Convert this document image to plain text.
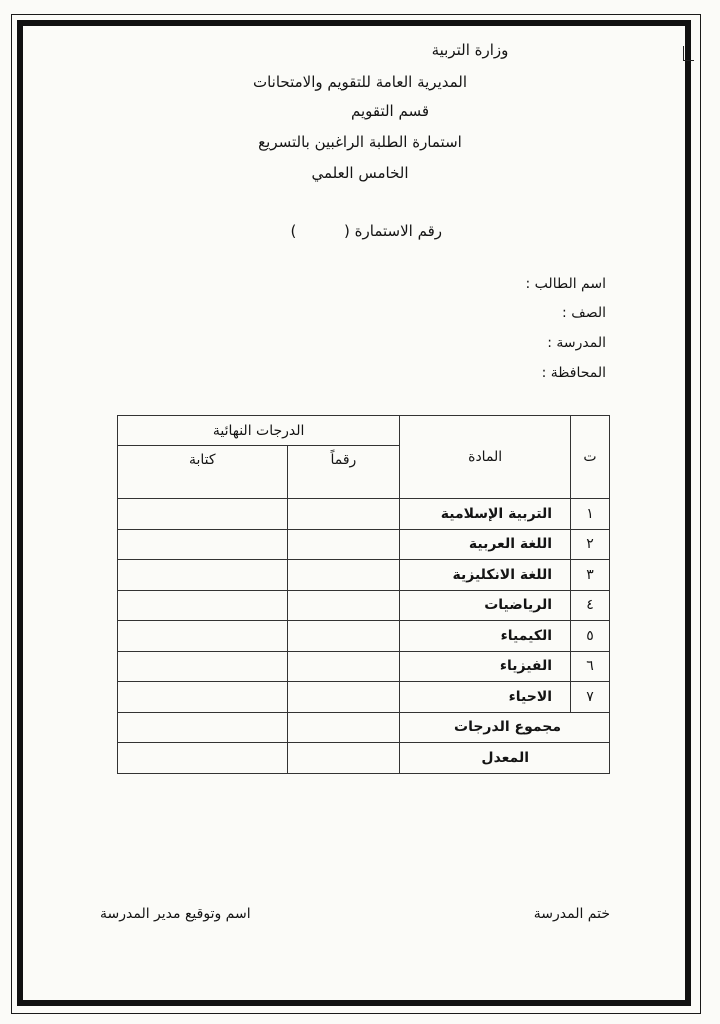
وزارة التربية
المديرية العامة للتقويم والامتحانات
قسم التقويم
استمارة الطلبة الراغبين بالتسريع
الخامس العلمي
رقم الاستمارة (          )
اسم الطالب :
الصف :
المدرسة :
المحافظة :
ت	المادة	الدرجات النهائية	
		رقماً	كتابة
١	التربية الإسلامية		
٢	اللغة العربية		
٣	اللغة الانكليزية		
٤	الرياضيات		
٥	الكيمياء		
٦	الفيزياء		
٧	الاحياء		
مجموع الدرجات			
المعدل			
ختم المدرسة
اسم وتوقيع مدير المدرسة
